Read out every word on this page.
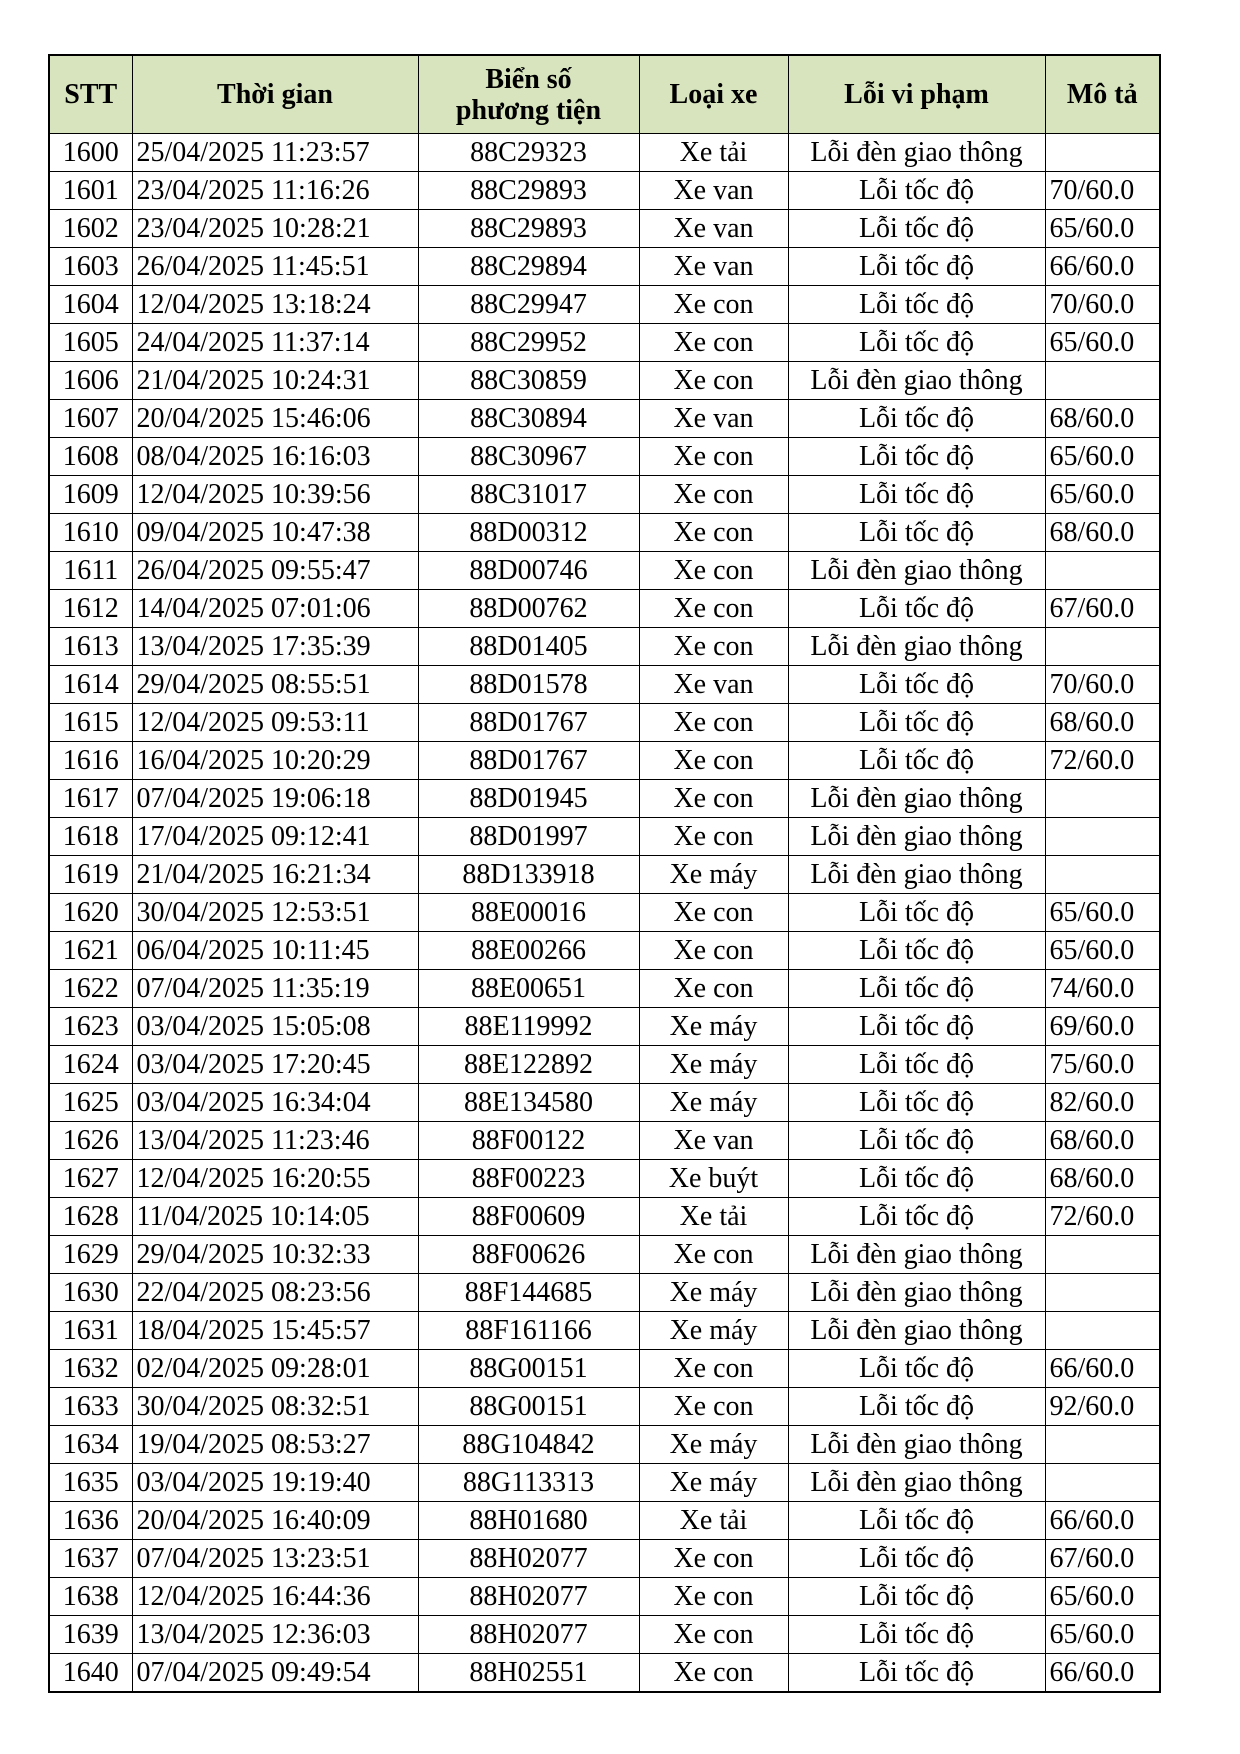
STT	Thời gian	Biển số phương tiện	Loại xe	Lỗi vi phạm	Mô tả
1600	25/04/2025 11:23:57	88C29323	Xe tải	Lỗi đèn giao thông	
1601	23/04/2025 11:16:26	88C29893	Xe van	Lỗi tốc độ	70/60.0
1602	23/04/2025 10:28:21	88C29893	Xe van	Lỗi tốc độ	65/60.0
1603	26/04/2025 11:45:51	88C29894	Xe van	Lỗi tốc độ	66/60.0
1604	12/04/2025 13:18:24	88C29947	Xe con	Lỗi tốc độ	70/60.0
1605	24/04/2025 11:37:14	88C29952	Xe con	Lỗi tốc độ	65/60.0
1606	21/04/2025 10:24:31	88C30859	Xe con	Lỗi đèn giao thông	
1607	20/04/2025 15:46:06	88C30894	Xe van	Lỗi tốc độ	68/60.0
1608	08/04/2025 16:16:03	88C30967	Xe con	Lỗi tốc độ	65/60.0
1609	12/04/2025 10:39:56	88C31017	Xe con	Lỗi tốc độ	65/60.0
1610	09/04/2025 10:47:38	88D00312	Xe con	Lỗi tốc độ	68/60.0
1611	26/04/2025 09:55:47	88D00746	Xe con	Lỗi đèn giao thông	
1612	14/04/2025 07:01:06	88D00762	Xe con	Lỗi tốc độ	67/60.0
1613	13/04/2025 17:35:39	88D01405	Xe con	Lỗi đèn giao thông	
1614	29/04/2025 08:55:51	88D01578	Xe van	Lỗi tốc độ	70/60.0
1615	12/04/2025 09:53:11	88D01767	Xe con	Lỗi tốc độ	68/60.0
1616	16/04/2025 10:20:29	88D01767	Xe con	Lỗi tốc độ	72/60.0
1617	07/04/2025 19:06:18	88D01945	Xe con	Lỗi đèn giao thông	
1618	17/04/2025 09:12:41	88D01997	Xe con	Lỗi đèn giao thông	
1619	21/04/2025 16:21:34	88D133918	Xe máy	Lỗi đèn giao thông	
1620	30/04/2025 12:53:51	88E00016	Xe con	Lỗi tốc độ	65/60.0
1621	06/04/2025 10:11:45	88E00266	Xe con	Lỗi tốc độ	65/60.0
1622	07/04/2025 11:35:19	88E00651	Xe con	Lỗi tốc độ	74/60.0
1623	03/04/2025 15:05:08	88E119992	Xe máy	Lỗi tốc độ	69/60.0
1624	03/04/2025 17:20:45	88E122892	Xe máy	Lỗi tốc độ	75/60.0
1625	03/04/2025 16:34:04	88E134580	Xe máy	Lỗi tốc độ	82/60.0
1626	13/04/2025 11:23:46	88F00122	Xe van	Lỗi tốc độ	68/60.0
1627	12/04/2025 16:20:55	88F00223	Xe buýt	Lỗi tốc độ	68/60.0
1628	11/04/2025 10:14:05	88F00609	Xe tải	Lỗi tốc độ	72/60.0
1629	29/04/2025 10:32:33	88F00626	Xe con	Lỗi đèn giao thông	
1630	22/04/2025 08:23:56	88F144685	Xe máy	Lỗi đèn giao thông	
1631	18/04/2025 15:45:57	88F161166	Xe máy	Lỗi đèn giao thông	
1632	02/04/2025 09:28:01	88G00151	Xe con	Lỗi tốc độ	66/60.0
1633	30/04/2025 08:32:51	88G00151	Xe con	Lỗi tốc độ	92/60.0
1634	19/04/2025 08:53:27	88G104842	Xe máy	Lỗi đèn giao thông	
1635	03/04/2025 19:19:40	88G113313	Xe máy	Lỗi đèn giao thông	
1636	20/04/2025 16:40:09	88H01680	Xe tải	Lỗi tốc độ	66/60.0
1637	07/04/2025 13:23:51	88H02077	Xe con	Lỗi tốc độ	67/60.0
1638	12/04/2025 16:44:36	88H02077	Xe con	Lỗi tốc độ	65/60.0
1639	13/04/2025 12:36:03	88H02077	Xe con	Lỗi tốc độ	65/60.0
1640	07/04/2025 09:49:54	88H02551	Xe con	Lỗi tốc độ	66/60.0
